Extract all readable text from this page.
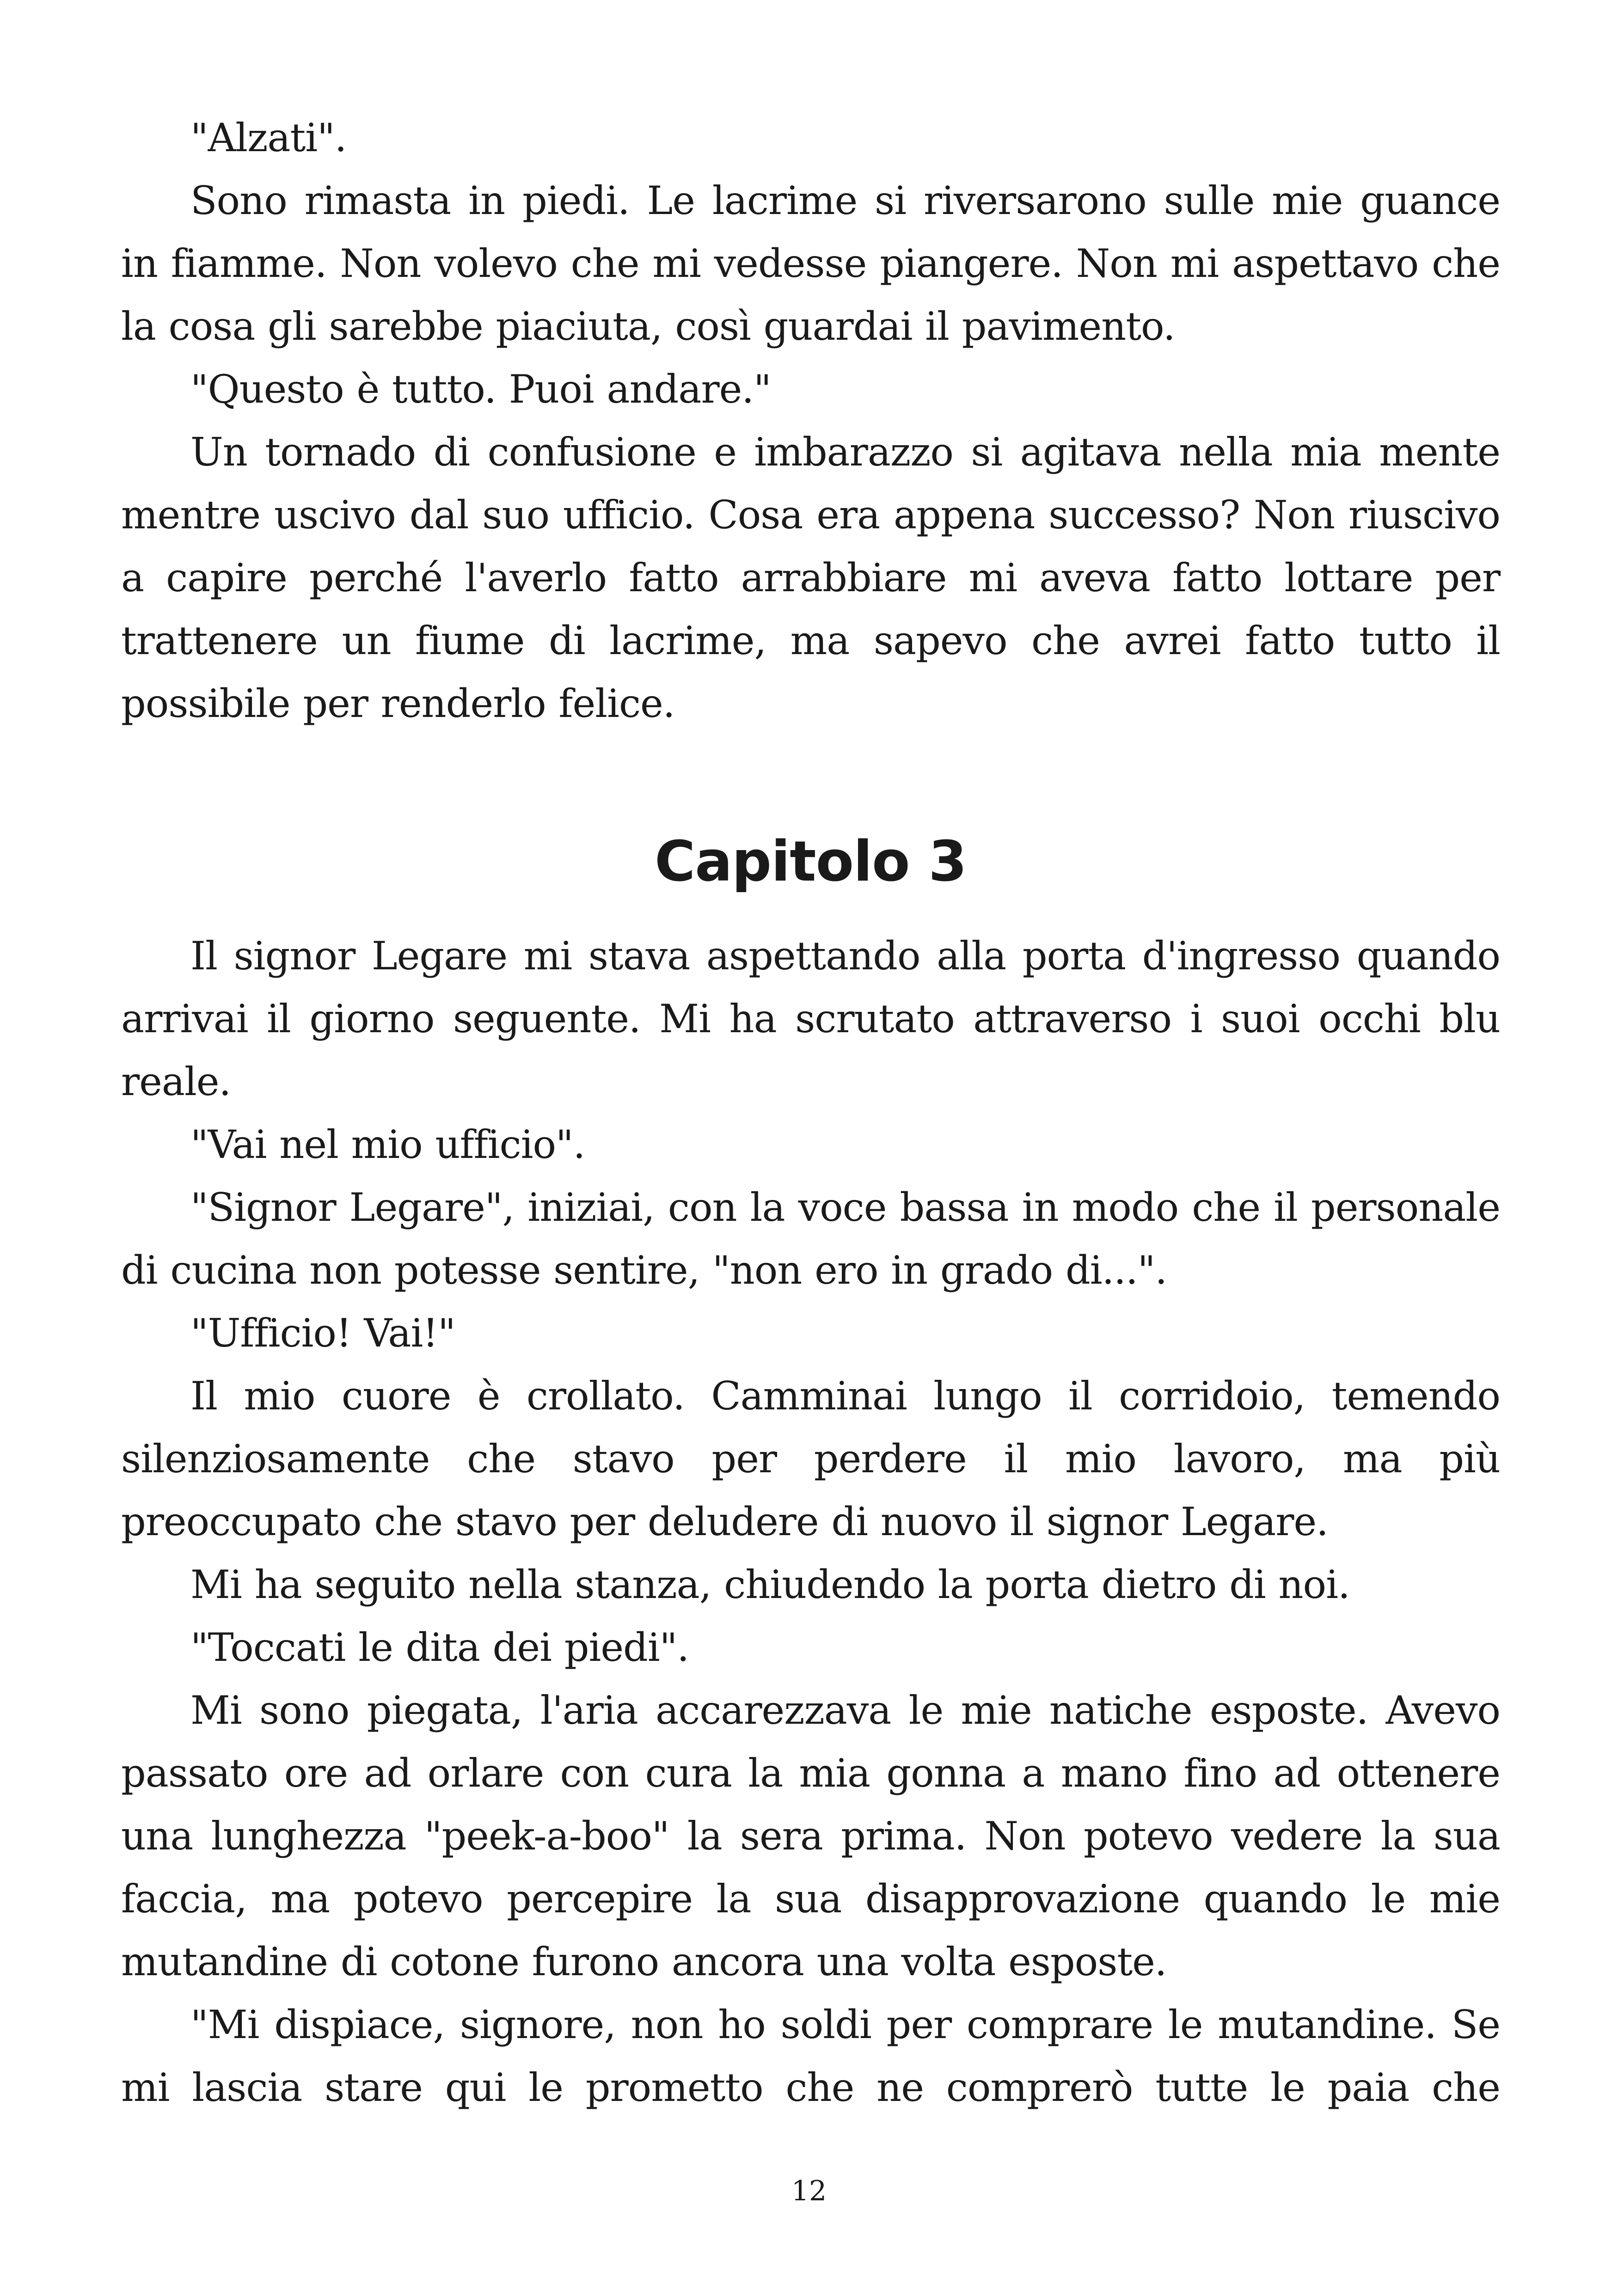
"Alzati".

Sono rimasta in piedi. Le lacrime si riversarono sulle mie guance in fiamme. Non volevo che mi vedesse piangere. Non mi aspettavo che la cosa gli sarebbe piaciuta, così guardai il pavimento.

"Questo è tutto. Puoi andare."

Un tornado di confusione e imbarazzo si agitava nella mia mente mentre uscivo dal suo ufficio. Cosa era appena successo? Non riuscivo a capire perché l'averlo fatto arrabbiare mi aveva fatto lottare per trattenere un fiume di lacrime, ma sapevo che avrei fatto tutto il possibile per renderlo felice.

Capitolo 3

Il signor Legare mi stava aspettando alla porta d'ingresso quando arrivai il giorno seguente. Mi ha scrutato attraverso i suoi occhi blu reale.

"Vai nel mio ufficio".

"Signor Legare", iniziai, con la voce bassa in modo che il personale di cucina non potesse sentire, "non ero in grado di...".

"Ufficio! Vai!"

Il mio cuore è crollato. Camminai lungo il corridoio, temendo silenziosamente che stavo per perdere il mio lavoro, ma più preoccupato che stavo per deludere di nuovo il signor Legare.

Mi ha seguito nella stanza, chiudendo la porta dietro di noi.

"Toccati le dita dei piedi".

Mi sono piegata, l'aria accarezzava le mie natiche esposte. Avevo passato ore ad orlare con cura la mia gonna a mano fino ad ottenere una lunghezza "peek-a-boo" la sera prima. Non potevo vedere la sua faccia, ma potevo percepire la sua disapprovazione quando le mie mutandine di cotone furono ancora una volta esposte.

"Mi dispiace, signore, non ho soldi per comprare le mutandine. Se mi lascia stare qui le prometto che ne comprerò tutte le paia che

12
